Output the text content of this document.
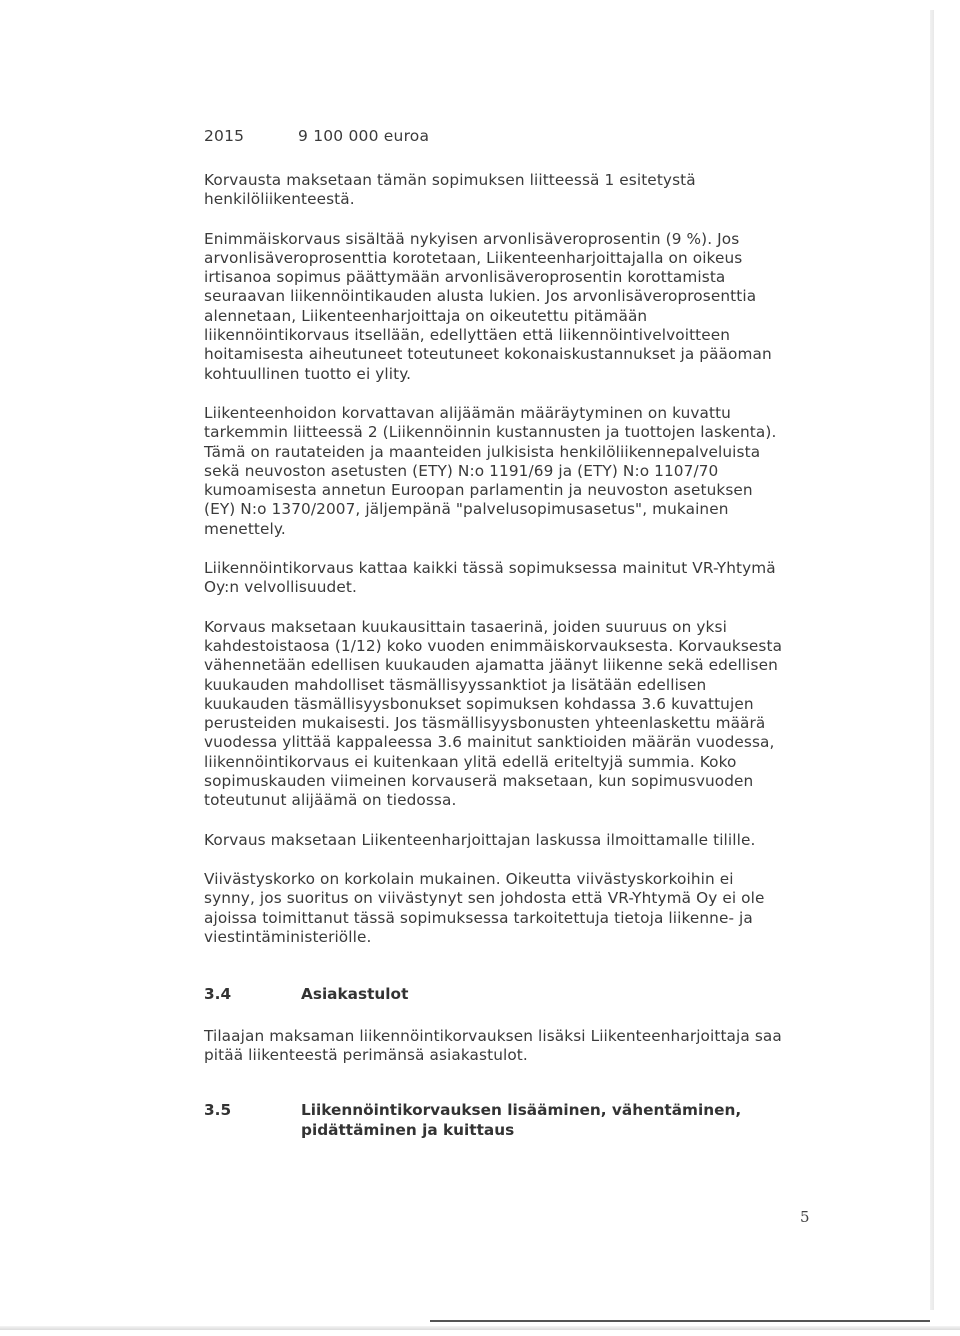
2015	9 100 000 euroa

Korvausta maksetaan tämän sopimuksen liitteessä 1 esitetystä
henkilöliikenteestä.

Enimmäiskorvaus sisältää nykyisen arvonlisäveroprosentin (9 %). Jos
arvonlisäveroprosenttia korotetaan, Liikenteenharjoittajalla on oikeus
irtisanoa sopimus päättymään arvonlisäveroprosentin korottamista
seuraavan liikennöintikauden alusta lukien. Jos arvonlisäveroprosenttia
alennetaan, Liikenteenharjoittaja on oikeutettu pitämään
liikennöintikorvaus itsellään, edellyttäen että liikennöintivelvoitteen
hoitamisesta aiheutuneet toteutuneet kokonaiskustannukset ja pääoman
kohtuullinen tuotto ei ylity.

Liikenteenhoidon korvattavan alijäämän määräytyminen on kuvattu
tarkemmin liitteessä 2 (Liikennöinnin kustannusten ja tuottojen laskenta).
Tämä on rautateiden ja maanteiden julkisista henkilöliikennepalveluista
sekä neuvoston asetusten (ETY) N:o 1191/69 ja (ETY) N:o 1107/70
kumoamisesta annetun Euroopan parlamentin ja neuvoston asetuksen
(EY) N:o 1370/2007, jäljempänä "palvelusopimusasetus", mukainen
menettely.

Liikennöintikorvaus kattaa kaikki tässä sopimuksessa mainitut VR-Yhtymä
Oy:n velvollisuudet.

Korvaus maksetaan kuukausittain tasaerinä, joiden suuruus on yksi
kahdestoistaosa (1/12) koko vuoden enimmäiskorvauksesta. Korvauksesta
vähennetään edellisen kuukauden ajamatta jäänyt liikenne sekä edellisen
kuukauden mahdolliset täsmällisyyssanktiot ja lisätään edellisen
kuukauden täsmällisyysbonukset sopimuksen kohdassa 3.6 kuvattujen
perusteiden mukaisesti. Jos täsmällisyysbonusten yhteenlaskettu määrä
vuodessa ylittää kappaleessa 3.6 mainitut sanktioiden määrän vuodessa,
liikennöintikorvaus ei kuitenkaan ylitä edellä eriteltyjä summia. Koko
sopimuskauden viimeinen korvauserä maksetaan, kun sopimusvuoden
toteutunut alijäämä on tiedossa.

Korvaus maksetaan Liikenteenharjoittajan laskussa ilmoittamalle tilille.

Viivästyskorko on korkolain mukainen. Oikeutta viivästyskorkoihin ei
synny, jos suoritus on viivästynyt sen johdosta että VR-Yhtymä Oy ei ole
ajoissa toimittanut tässä sopimuksessa tarkoitettuja tietoja liikenne- ja
viestintäministeriölle.

3.4	Asiakastulot

Tilaajan maksaman liikennöintikorvauksen lisäksi Liikenteenharjoittaja saa
pitää liikenteestä perimänsä asiakastulot.

3.5	Liikennöintikorvauksen lisääminen, vähentäminen,
pidättäminen ja kuittaus
5
